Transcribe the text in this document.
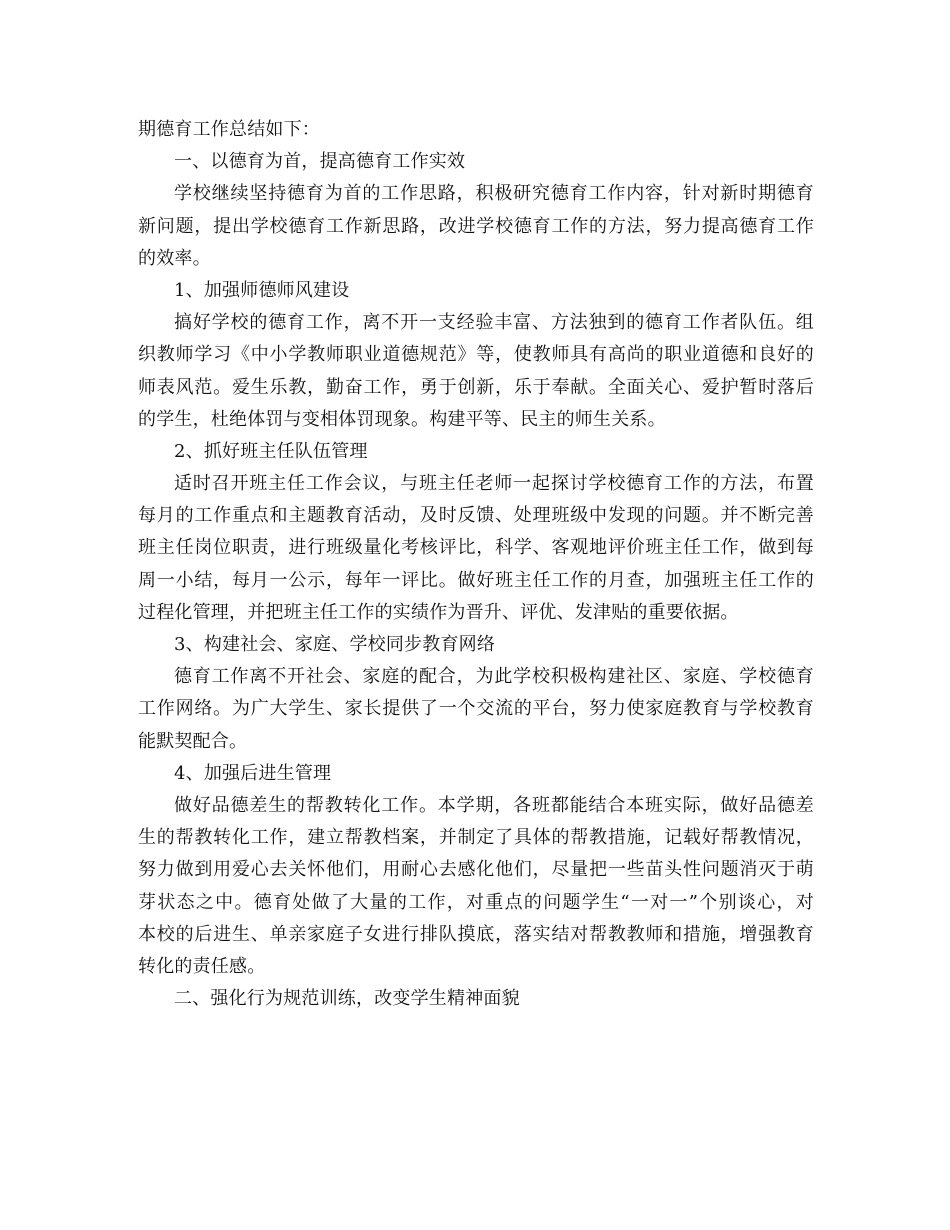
期德育工作总结如下：
一、以德育为首，提高德育工作实效
学校继续坚持德育为首的工作思路，积极研究德育工作内容，针对新时期德育
新问题，提出学校德育工作新思路，改进学校德育工作的方法，努力提高德育工作
的效率。
1、加强师德师风建设
搞好学校的德育工作，离不开一支经验丰富、方法独到的德育工作者队伍。组
织教师学习《中小学教师职业道德规范》等，使教师具有高尚的职业道德和良好的
师表风范。爱生乐教，勤奋工作，勇于创新，乐于奉献。全面关心、爱护暂时落后
的学生，杜绝体罚与变相体罚现象。构建平等、民主的师生关系。
2、抓好班主任队伍管理
适时召开班主任工作会议，与班主任老师一起探讨学校德育工作的方法，布置
每月的工作重点和主题教育活动，及时反馈、处理班级中发现的问题。并不断完善
班主任岗位职责，进行班级量化考核评比，科学、客观地评价班主任工作，做到每
周一小结，每月一公示，每年一评比。做好班主任工作的月查，加强班主任工作的
过程化管理，并把班主任工作的实绩作为晋升、评优、发津贴的重要依据。
3、构建社会、家庭、学校同步教育网络
德育工作离不开社会、家庭的配合，为此学校积极构建社区、家庭、学校德育
工作网络。为广大学生、家长提供了一个交流的平台，努力使家庭教育与学校教育
能默契配合。
4、加强后进生管理
做好品德差生的帮教转化工作。本学期，各班都能结合本班实际，做好品德差
生的帮教转化工作，建立帮教档案，并制定了具体的帮教措施，记载好帮教情况，
努力做到用爱心去关怀他们，用耐心去感化他们，尽量把一些苗头性问题消灭于萌
芽状态之中。德育处做了大量的工作，对重点的问题学生“一对一”个别谈心，对
本校的后进生、单亲家庭子女进行排队摸底，落实结对帮教教师和措施，增强教育
转化的责任感。
二、强化行为规范训练，改变学生精神面貌
